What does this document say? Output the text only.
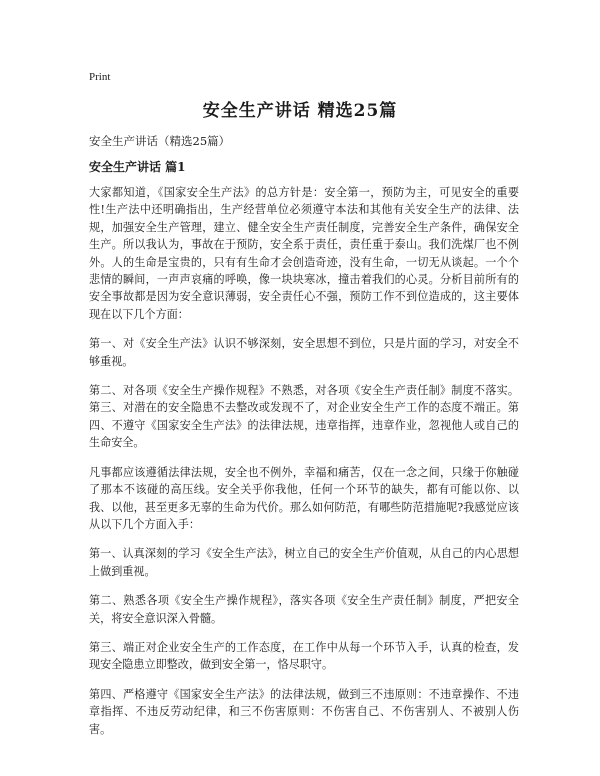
Print
安全生产讲话 精选25篇
安全生产讲话（精选25篇）
安全生产讲话 篇1

大家都知道，《国家安全生产法》的总方针是：安全第一，预防为主，可见安全的重要性!生产法中还明确指出，生产经营单位必须遵守本法和其他有关安全生产的法律、法规，加强安全生产管理，建立、健全安全生产责任制度，完善安全生产条件，确保安全生产。所以我认为，事故在于预防，安全系于责任，责任重于泰山。我们洗煤厂也不例外。人的生命是宝贵的，只有有生命才会创造奇迹，没有生命，一切无从谈起。一个个悲情的瞬间，一声声哀痛的呼唤，像一块块寒冰，撞击着我们的心灵。分析目前所有的安全事故都是因为安全意识薄弱，安全责任心不强，预防工作不到位造成的，这主要体现在以下几个方面：

第一、对《安全生产法》认识不够深刻，安全思想不到位，只是片面的学习，对安全不够重视。

第二、对各项《安全生产操作规程》不熟悉，对各项《安全生产责任制》制度不落实。第三、对潜在的安全隐患不去整改或发现不了，对企业安全生产工作的态度不端正。第四、不遵守《国家安全生产法》的法律法规，违章指挥，违章作业，忽视他人或自己的生命安全。

凡事都应该遵循法律法规，安全也不例外，幸福和痛苦，仅在一念之间，只缘于你触碰了那本不该碰的高压线。安全关乎你我他，任何一个环节的缺失，都有可能以你、以我、以他，甚至更多无辜的生命为代价。那么如何防范，有哪些防范措施呢?我感觉应该从以下几个方面入手：

第一、认真深刻的学习《安全生产法》，树立自己的安全生产价值观，从自己的内心思想上做到重视。

第二、熟悉各项《安全生产操作规程》，落实各项《安全生产责任制》制度，严把安全关，将安全意识深入骨髓。

第三、端正对企业安全生产的工作态度，在工作中从每一个环节入手，认真的检查，发现安全隐患立即整改，做到安全第一，恪尽职守。

第四、严格遵守《国家安全生产法》的法律法规，做到三不违原则：不违章操作、不违章指挥、不违反劳动纪律，和三不伤害原则：不伤害自己、不伤害别人、不被别人伤害。
